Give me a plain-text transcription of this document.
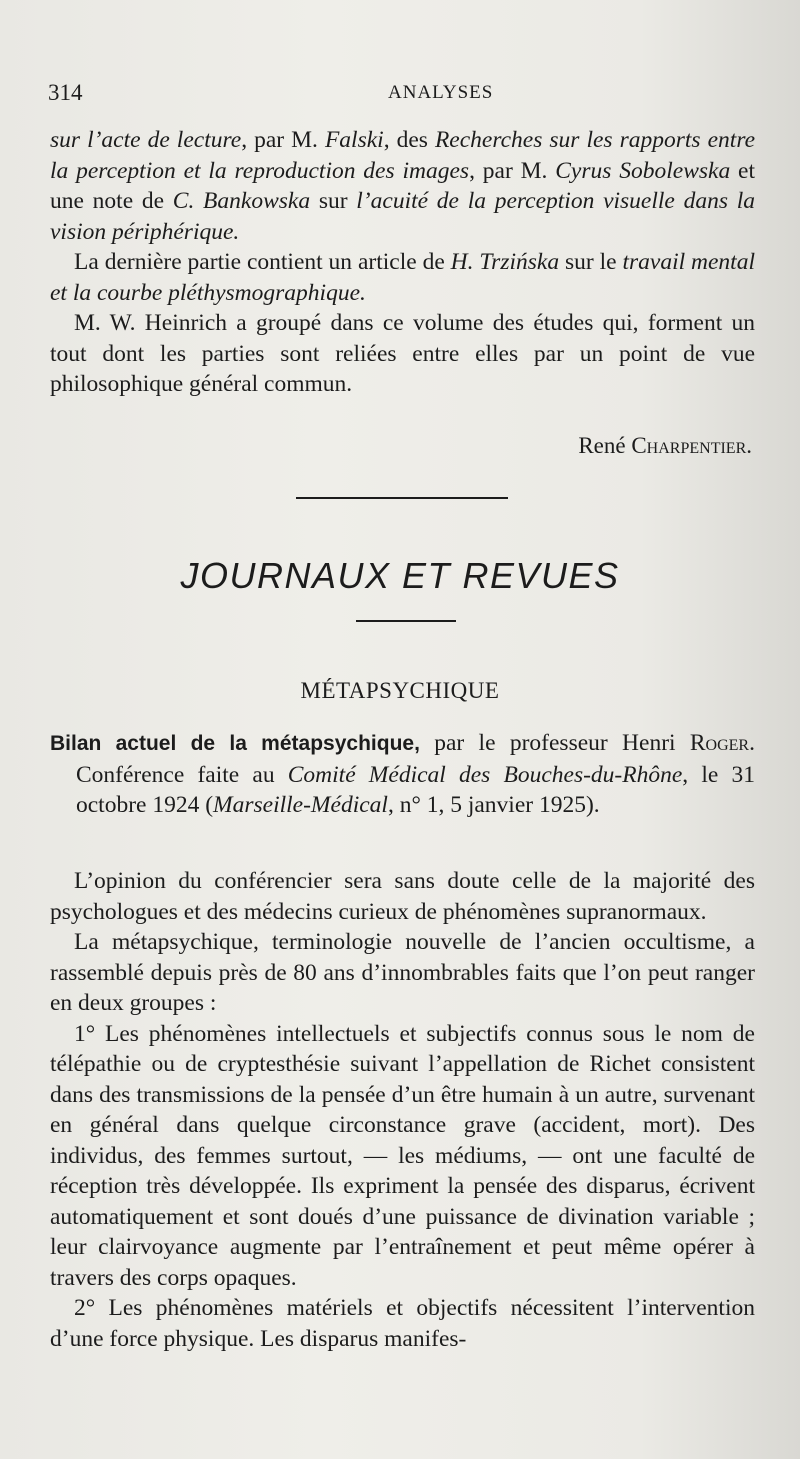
314	ANALYSES

sur l’acte de lecture, par M. Falski, des Recherches sur les rapports entre la perception et la reproduction des images, par M. Cyrus Sobolewska et une note de C. Bankowska sur l’acuité de la perception visuelle dans la vision périphérique.

La dernière partie contient un article de H. Trzińska sur le travail mental et la courbe pléthysmographique.

M. W. Heinrich a groupé dans ce volume des études qui, forment un tout dont les parties sont reliées entre elles par un point de vue philosophique général commun.

René Charpentier.
JOURNAUX ET REVUES
MÉTAPSYCHIQUE

Bilan actuel de la métapsychique, par le professeur Henri Roger. Conférence faite au Comité Médical des Bouches-du-Rhône, le 31 octobre 1924 (Marseille-Médical, n° 1, 5 janvier 1925).

L’opinion du conférencier sera sans doute celle de la majorité des psychologues et des médecins curieux de phénomènes supranormaux.

La métapsychique, terminologie nouvelle de l’ancien occultisme, a rassemblé depuis près de 80 ans d’innombrables faits que l’on peut ranger en deux groupes :

1° Les phénomènes intellectuels et subjectifs connus sous le nom de télépathie ou de cryptesthésie suivant l’appellation de Richet consistent dans des transmissions de la pensée d’un être humain à un autre, survenant en général dans quelque circonstance grave (accident, mort). Des individus, des femmes surtout, — les médiums, — ont une faculté de réception très développée. Ils expriment la pensée des disparus, écrivent automatiquement et sont doués d’une puissance de divination variable ; leur clairvoyance augmente par l’entraînement et peut même opérer à travers des corps opaques.

2° Les phénomènes matériels et objectifs nécessitent l’intervention d’une force physique. Les disparus manifes-
